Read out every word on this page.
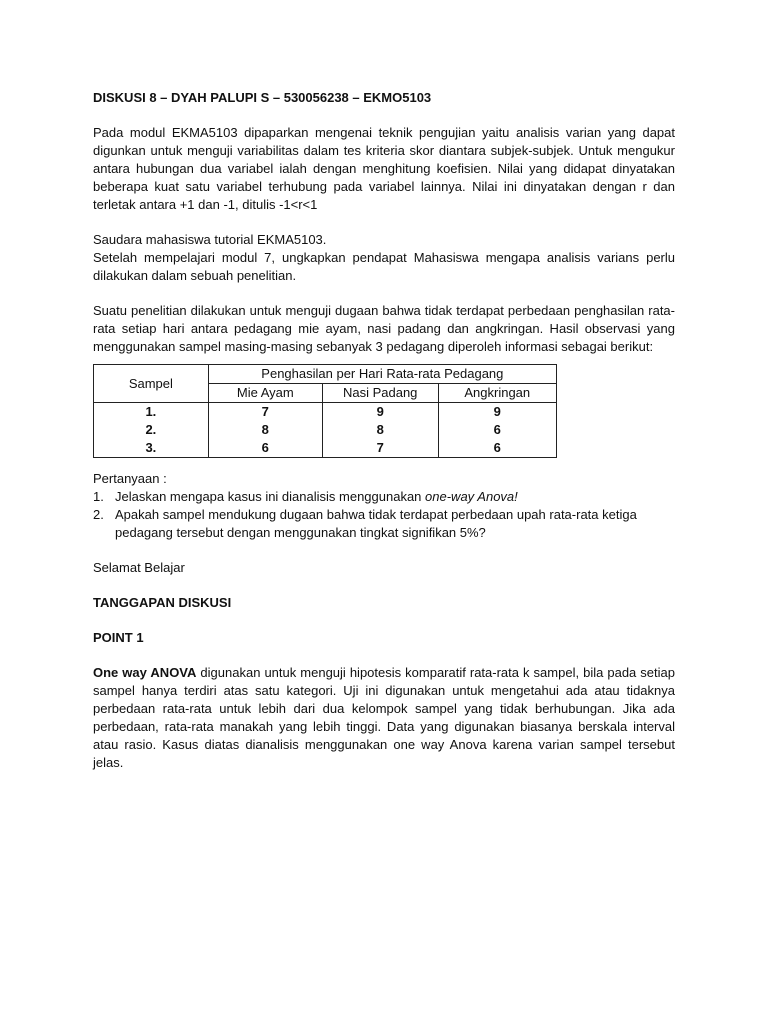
DISKUSI 8 – DYAH PALUPI S – 530056238 – EKMO5103

Pada modul EKMA5103 dipaparkan mengenai teknik pengujian yaitu analisis varian yang dapat digunkan untuk menguji variabilitas dalam tes kriteria skor diantara subjek-subjek. Untuk mengukur antara hubungan dua variabel ialah dengan menghitung koefisien. Nilai yang didapat dinyatakan beberapa kuat satu variabel terhubung pada variabel lainnya. Nilai ini dinyatakan dengan r dan terletak antara +1 dan -1, ditulis -1<r<1

Saudara mahasiswa tutorial EKMA5103.

Setelah mempelajari modul 7, ungkapkan pendapat Mahasiswa mengapa analisis varians perlu dilakukan dalam sebuah penelitian.

Suatu penelitian dilakukan untuk menguji dugaan bahwa tidak terdapat perbedaan penghasilan rata-rata setiap hari antara pedagang mie ayam, nasi padang dan angkringan. Hasil observasi yang menggunakan sampel masing-masing sebanyak 3 pedagang diperoleh informasi sebagai berikut:

Sampel	Penghasilan per Hari Rata-rata Pedagang		
	Mie Ayam	Nasi Padang	Angkringan
1.	7	9	9
2.	8	8	6
3.	6	7	6

Pertanyaan :

1. Jelaskan mengapa kasus ini dianalisis menggunakan one-way Anova!
2. Apakah sampel mendukung dugaan bahwa tidak terdapat perbedaan upah rata-rata ketiga pedagang tersebut dengan menggunakan tingkat signifikan 5%?

Selamat Belajar

TANGGAPAN DISKUSI

POINT 1

One way ANOVA digunakan untuk menguji hipotesis komparatif rata-rata k sampel, bila pada setiap sampel hanya terdiri atas satu kategori. Uji ini digunakan untuk mengetahui ada atau tidaknya perbedaan rata-rata untuk lebih dari dua kelompok sampel yang tidak berhubungan. Jika ada perbedaan, rata-rata manakah yang lebih tinggi. Data yang digunakan biasanya berskala interval atau rasio. Kasus diatas dianalisis menggunakan one way Anova karena varian sampel tersebut jelas.
